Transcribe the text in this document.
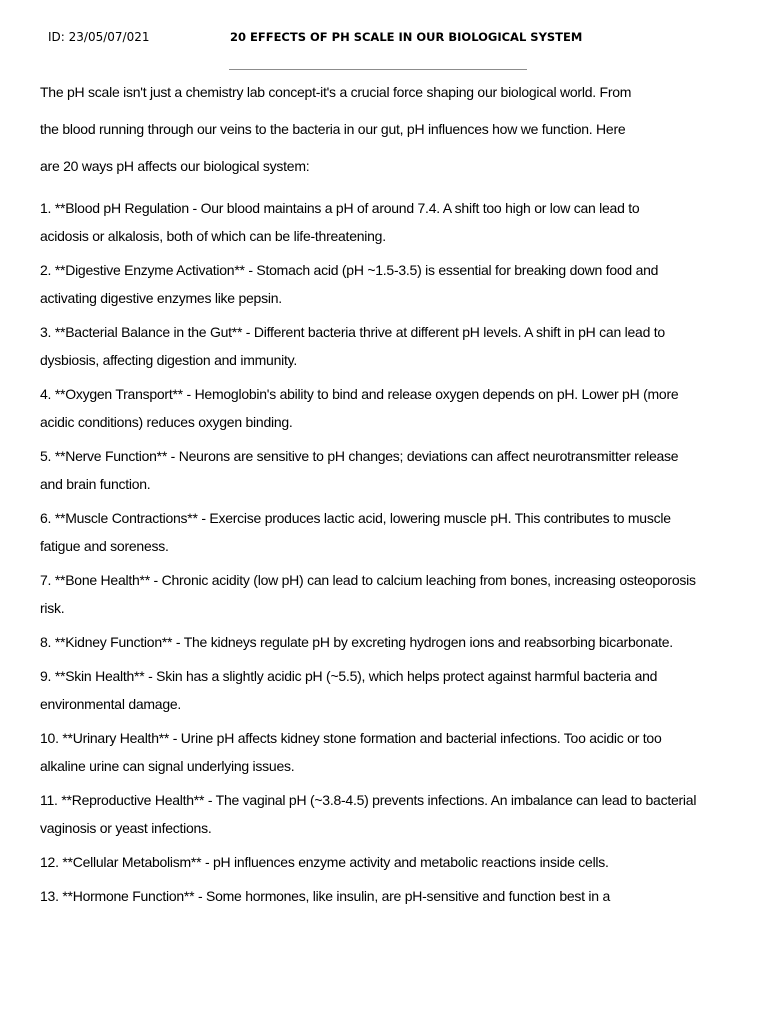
ID: 23/05/07/021	20 EFFECTS OF PH SCALE IN OUR BIOLOGICAL SYSTEM
The pH scale isn't just a chemistry lab concept-it's a crucial force shaping our biological world. From
the blood running through our veins to the bacteria in our gut, pH influences how we function. Here
are 20 ways pH affects our biological system:
1. **Blood pH Regulation - Our blood maintains a pH of around 7.4. A shift too high or low can lead to
acidosis or alkalosis, both of which can be life-threatening.
2. **Digestive Enzyme Activation** - Stomach acid (pH ~1.5-3.5) is essential for breaking down food and
activating digestive enzymes like pepsin.
3. **Bacterial Balance in the Gut** - Different bacteria thrive at different pH levels. A shift in pH can lead to
dysbiosis, affecting digestion and immunity.
4. **Oxygen Transport** - Hemoglobin's ability to bind and release oxygen depends on pH. Lower pH (more
acidic conditions) reduces oxygen binding.
5. **Nerve Function** - Neurons are sensitive to pH changes; deviations can affect neurotransmitter release
and brain function.
6. **Muscle Contractions** - Exercise produces lactic acid, lowering muscle pH. This contributes to muscle
fatigue and soreness.
7. **Bone Health** - Chronic acidity (low pH) can lead to calcium leaching from bones, increasing osteoporosis
risk.
8. **Kidney Function** - The kidneys regulate pH by excreting hydrogen ions and reabsorbing bicarbonate.
9. **Skin Health** - Skin has a slightly acidic pH (~5.5), which helps protect against harmful bacteria and
environmental damage.
10. **Urinary Health** - Urine pH affects kidney stone formation and bacterial infections. Too acidic or too
alkaline urine can signal underlying issues.
11. **Reproductive Health** - The vaginal pH (~3.8-4.5) prevents infections. An imbalance can lead to bacterial
vaginosis or yeast infections.
12. **Cellular Metabolism** - pH influences enzyme activity and metabolic reactions inside cells.
13. **Hormone Function** - Some hormones, like insulin, are pH-sensitive and function best in a
